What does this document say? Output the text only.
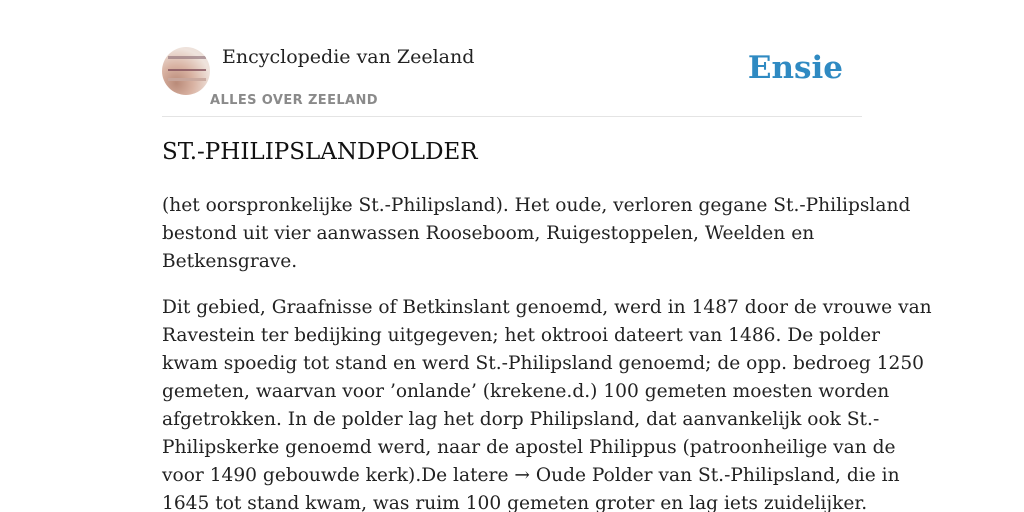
Encyclopedie van Zeeland
ALLES OVER ZEELAND
Ensie
ST.-PHILIPSLANDPOLDER

(het oorspronkelijke St.-Philipsland). Het oude, verloren gegane St.-Philipsland
bestond uit vier aanwassen Rooseboom, Ruigestoppelen, Weelden en
Betkensgrave.

Dit gebied, Graafnisse of Betkinslant genoemd, werd in 1487 door de vrouwe van
Ravestein ter bedijking uitgegeven; het oktrooi dateert van 1486. De polder
kwam spoedig tot stand en werd St.-Philipsland genoemd; de opp. bedroeg 1250
gemeten, waarvan voor ’onlande’ (krekene.d.) 100 gemeten moesten worden
afgetrokken. In de polder lag het dorp Philipsland, dat aanvankelijk ook St.-
Philipskerke genoemd werd, naar de apostel Philippus (patroonheilige van de
voor 1490 gebouwde kerk).De latere → Oude Polder van St.-Philipsland, die in
1645 tot stand kwam, was ruim 100 gemeten groter en lag iets zuidelijker.
